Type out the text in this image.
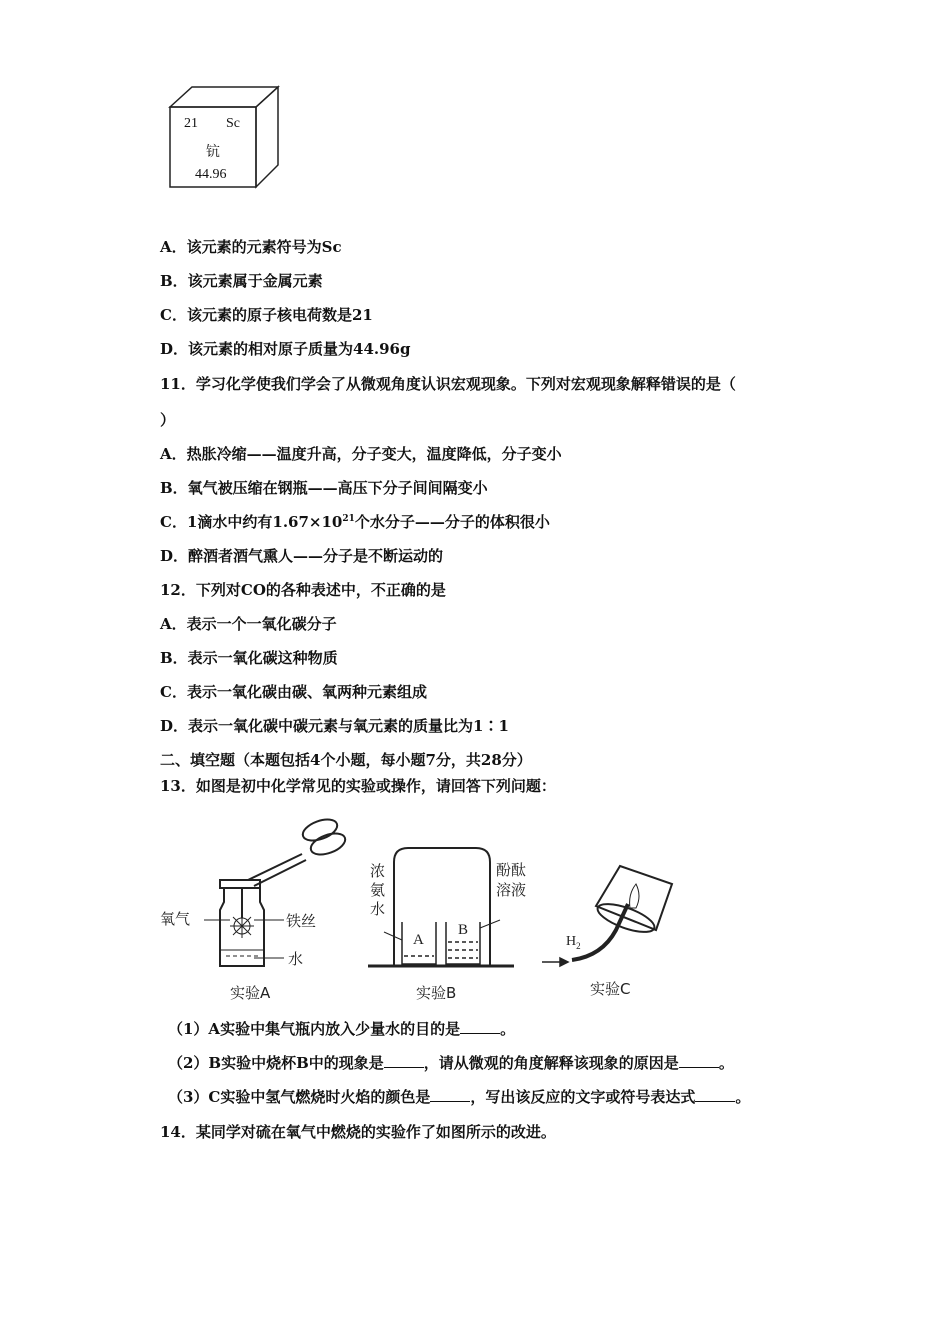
21 Sc
钪
44.96
A．该元素的元素符号为Sc
B．该元素属于金属元素
C．该元素的原子核电荷数是21
D．该元素的相对原子质量为44.96g
11．学习化学使我们学会了从微观角度认识宏观现象。下列对宏观现象解释错误的是（
）
A．热胀冷缩——温度升高，分子变大，温度降低，分子变小
B．氧气被压缩在钢瓶——高压下分子间间隔变小
C．1滴水中约有$1.67\times 10^{21}$个水分子——分子的体积很小
D．醉酒者酒气熏人——分子是不断运动的
12．下列对CO的各种表述中，不正确的是
A．表示一个一氧化碳分子
B．表示一氧化碳这种物质
C．表示一氧化碳由碳、氧两种元素组成
D．表示一氧化碳中碳元素与氧元素的质量比为1∶1
二、填空题（本题包括4个小题，每小题7分，共28分）
13．如图是初中化学常见的实验或操作，请回答下列问题：
氧气	铁丝
水
实验A
浓氨水
酚酞溶液
A
B
实验B
$H_2$
实验C
（1）A实验中集气瓶内放入少量水的目的是	。
（2）B实验中烧杯B中的现象是	，请从微观的角度解释该现象的原因是	。
（3）C实验中氢气燃烧时火焰的颜色是	，写出该反应的文字或符号表达式	。
14．某同学对硫在氧气中燃烧的实验作了如图所示的改进。
